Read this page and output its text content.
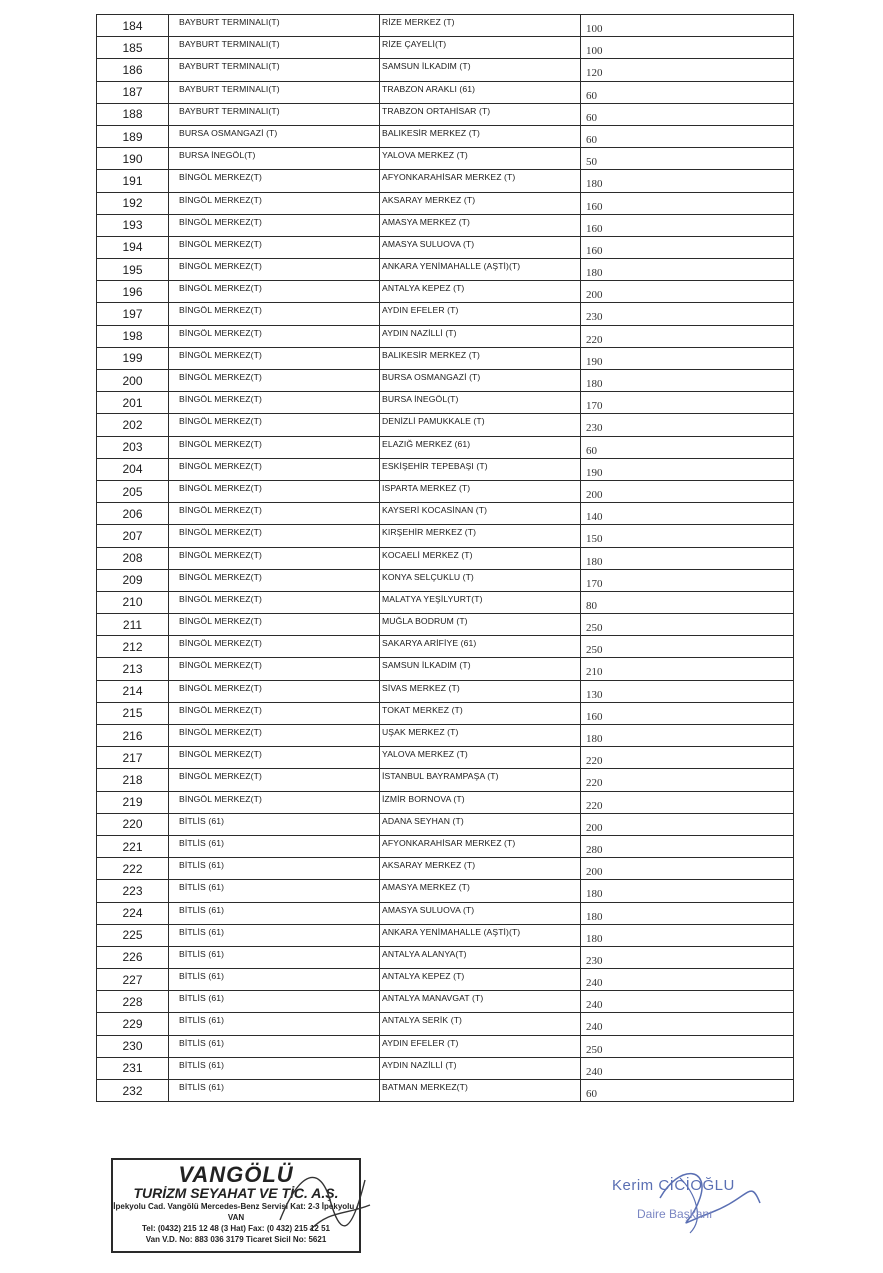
184	BAYBURT TERMINALI(T)	RİZE MERKEZ (T)	100
185	BAYBURT TERMINALI(T)	RİZE ÇAYELİ(T)	100
186	BAYBURT TERMINALI(T)	SAMSUN İLKADIM (T)	120
187	BAYBURT TERMINALI(T)	TRABZON ARAKLI (61)	60
188	BAYBURT TERMINALI(T)	TRABZON ORTAHİSAR (T)	60
189	BURSA OSMANGAZİ (T)	BALIKESİR MERKEZ (T)	60
190	BURSA İNEGÖL(T)	YALOVA MERKEZ (T)	50
191	BİNGÖL MERKEZ(T)	AFYONKARAHİSAR MERKEZ (T)	180
192	BİNGÖL MERKEZ(T)	AKSARAY MERKEZ (T)	160
193	BİNGÖL MERKEZ(T)	AMASYA MERKEZ (T)	160
194	BİNGÖL MERKEZ(T)	AMASYA SULUOVA (T)	160
195	BİNGÖL MERKEZ(T)	ANKARA YENİMAHALLE (AŞTİ)(T)	180
196	BİNGÖL MERKEZ(T)	ANTALYA KEPEZ (T)	200
197	BİNGÖL MERKEZ(T)	AYDIN EFELER (T)	230
198	BİNGÖL MERKEZ(T)	AYDIN NAZİLLİ (T)	220
199	BİNGÖL MERKEZ(T)	BALIKESİR MERKEZ (T)	190
200	BİNGÖL MERKEZ(T)	BURSA OSMANGAZİ (T)	180
201	BİNGÖL MERKEZ(T)	BURSA İNEGÖL(T)	170
202	BİNGÖL MERKEZ(T)	DENİZLİ PAMUKKALE (T)	230
203	BİNGÖL MERKEZ(T)	ELAZIĞ MERKEZ (61)	60
204	BİNGÖL MERKEZ(T)	ESKİŞEHİR TEPEBAŞI (T)	190
205	BİNGÖL MERKEZ(T)	ISPARTA MERKEZ (T)	200
206	BİNGÖL MERKEZ(T)	KAYSERİ KOCASİNAN (T)	140
207	BİNGÖL MERKEZ(T)	KIRŞEHİR MERKEZ (T)	150
208	BİNGÖL MERKEZ(T)	KOCAELİ MERKEZ (T)	180
209	BİNGÖL MERKEZ(T)	KONYA SELÇUKLU (T)	170
210	BİNGÖL MERKEZ(T)	MALATYA YEŞİLYURT(T)	80
211	BİNGÖL MERKEZ(T)	MUĞLA BODRUM (T)	250
212	BİNGÖL MERKEZ(T)	SAKARYA ARİFİYE (61)	250
213	BİNGÖL MERKEZ(T)	SAMSUN İLKADIM (T)	210
214	BİNGÖL MERKEZ(T)	SİVAS MERKEZ (T)	130
215	BİNGÖL MERKEZ(T)	TOKAT MERKEZ (T)	160
216	BİNGÖL MERKEZ(T)	UŞAK MERKEZ (T)	180
217	BİNGÖL MERKEZ(T)	YALOVA MERKEZ (T)	220
218	BİNGÖL MERKEZ(T)	İSTANBUL BAYRAMPAŞA (T)	220
219	BİNGÖL MERKEZ(T)	İZMİR BORNOVA (T)	220
220	BİTLİS (61)	ADANA SEYHAN (T)	200
221	BİTLİS (61)	AFYONKARAHİSAR MERKEZ (T)	280
222	BİTLİS (61)	AKSARAY MERKEZ (T)	200
223	BİTLİS (61)	AMASYA MERKEZ (T)	180
224	BİTLİS (61)	AMASYA SULUOVA (T)	180
225	BİTLİS (61)	ANKARA YENİMAHALLE (AŞTİ)(T)	180
226	BİTLİS (61)	ANTALYA ALANYA(T)	230
227	BİTLİS (61)	ANTALYA KEPEZ (T)	240
228	BİTLİS (61)	ANTALYA MANAVGAT (T)	240
229	BİTLİS (61)	ANTALYA SERİK (T)	240
230	BİTLİS (61)	AYDIN EFELER (T)	250
231	BİTLİS (61)	AYDIN NAZİLLİ (T)	240
232	BİTLİS (61)	BATMAN MERKEZ(T)	60
VANGÖLÜ
TURİZM SEYAHAT VE TİC. A.Ş.
İpekyolu Cad. Vangölü Mercedes-Benz Servisi Kat: 2-3 İpekyolu / VAN
Tel: (0432) 215 12 48 (3 Hat) Fax: (0 432) 215 12 51
Van V.D. No: 883 036 3179 Ticaret Sicil No: 5621
Kerim CİCİOĞLU
Daire Başkanı
